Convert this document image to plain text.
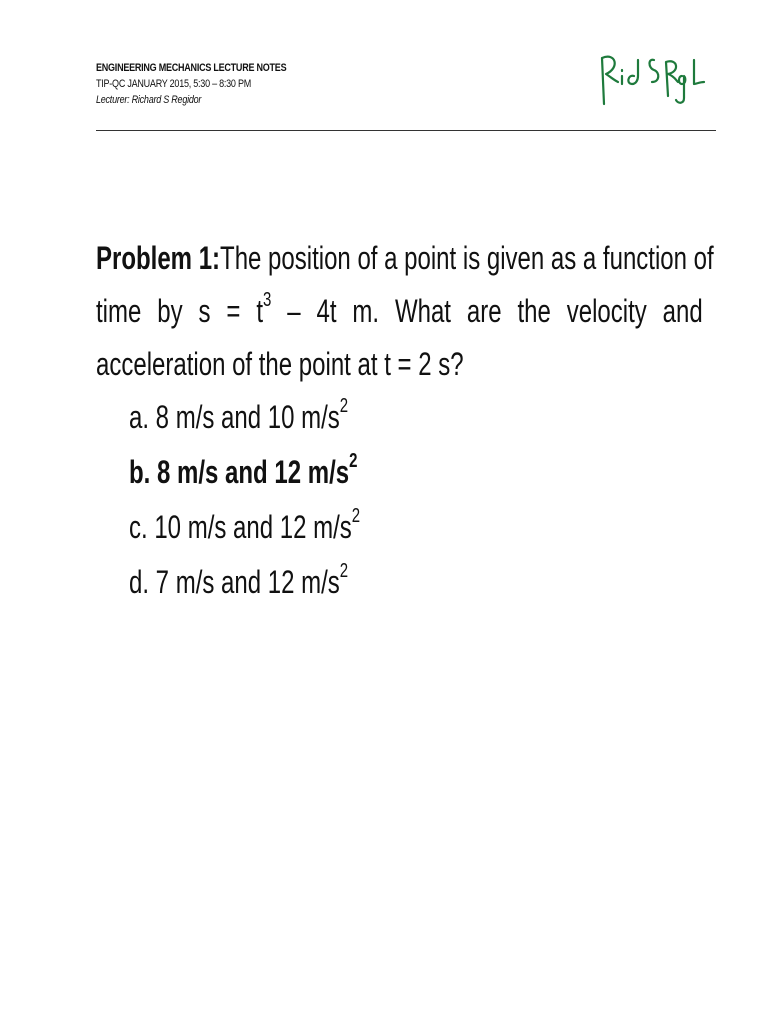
ENGINEERING MECHANICS LECTURE NOTES
TIP-QC JANUARY 2015, 5:30 – 8:30 PM
Lecturer: Richard S Regidor
Problem 1:The position of a point is given as a function of
time by $s = t^3 - 4t$ m. What are the velocity and
acceleration of the point at t = 2 s?
a. 8 m/s and 10 $m/s^2$
b. 8 m/s and 12 $m/s^2$
c. 10 m/s and 12 $m/s^2$
d. 7 m/s and 12 $m/s^2$
